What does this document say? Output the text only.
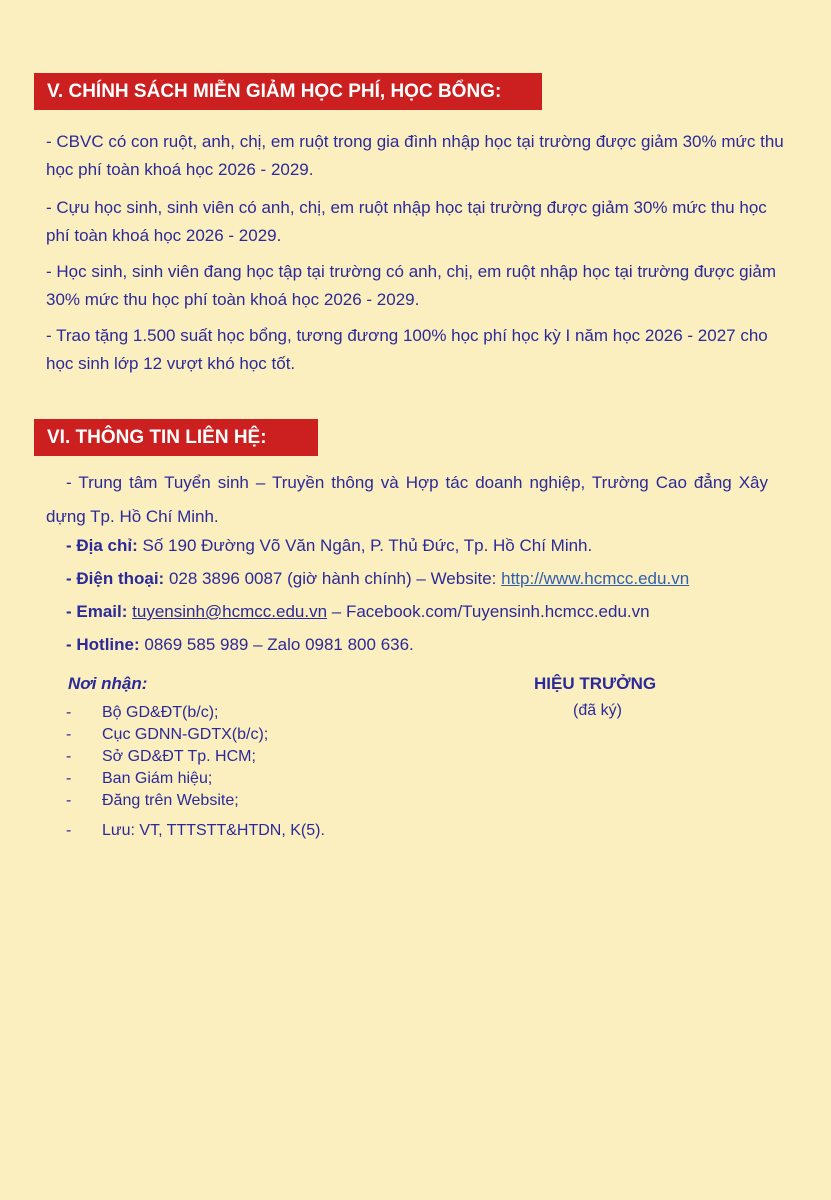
V. CHÍNH SÁCH MIỄN GIẢM HỌC PHÍ, HỌC BỔNG:

- CBVC có con ruột, anh, chị, em ruột trong gia đình nhập học tại trường được giảm 30% mức thu học phí toàn khoá học 2026 - 2029.

- Cựu học sinh, sinh viên có anh, chị, em ruột nhập học tại trường được giảm 30% mức thu học phí toàn khoá học 2026 - 2029.

- Học sinh, sinh viên đang học tập tại trường có anh, chị, em ruột nhập học tại trường được giảm 30% mức thu học phí toàn khoá học 2026 - 2029.

- Trao tặng 1.500 suất học bổng, tương đương 100% học phí học kỳ I năm học 2026 - 2027 cho học sinh lớp 12 vượt khó học tốt.

VI. THÔNG TIN LIÊN HỆ:

- Trung tâm Tuyển sinh – Truyền thông và Hợp tác doanh nghiệp, Trường Cao đẳng Xây dựng Tp. Hồ Chí Minh.

- Địa chỉ: Số 190 Đường Võ Văn Ngân, P. Thủ Đức, Tp. Hồ Chí Minh.

- Điện thoại: 028 3896 0087 (giờ hành chính) – Website: http://www.hcmcc.edu.vn

- Email: tuyensinh@hcmcc.edu.vn – Facebook.com/Tuyensinh.hcmcc.edu.vn

- Hotline: 0869 585 989 – Zalo 0981 800 636.

Nơi nhận:

- Bộ GD&ĐT(b/c);
- Cục GDNN-GDTX(b/c);
- Sở GD&ĐT Tp. HCM;
- Ban Giám hiệu;
- Đăng trên Website;
- Lưu: VT, TTTSTT&HTDN, K(5).

HIỆU TRƯỞNG

(đã ký)
